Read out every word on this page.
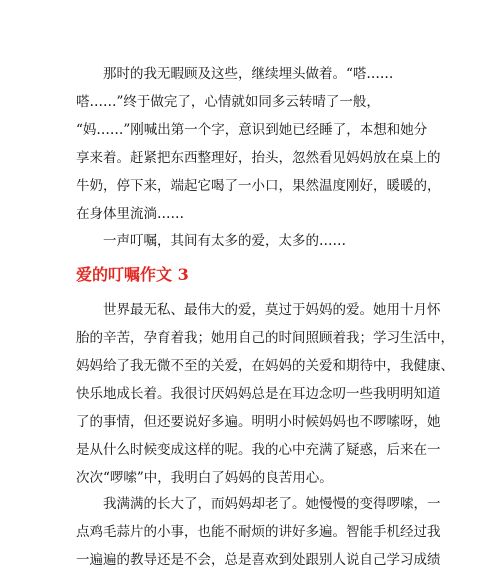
　　那时的我无暇顾及这些，继续埋头做着。“嗒……
嗒……”终于做完了，心情就如同多云转晴了一般，
“妈……”刚喊出第一个字，意识到她已经睡了，本想和她分
享来着。赶紧把东西整理好，抬头，忽然看见妈妈放在桌上的
牛奶，停下来，端起它喝了一小口，果然温度刚好，暖暖的，
在身体里流淌……

　　一声叮嘱，其间有太多的爱，太多的……

爱的叮嘱作文 3

　　世界最无私、最伟大的爱，莫过于妈妈的爱。她用十月怀
胎的辛苦，孕育着我；她用自己的时间照顾着我；学习生活中，
妈妈给了我无微不至的关爱，在妈妈的关爱和期待中，我健康、
快乐地成长着。我很讨厌妈妈总是在耳边念叨一些我明明知道
了的事情，但还要说好多遍。明明小时候妈妈也不啰嗦呀，她
是从什么时候变成这样的呢。我的心中充满了疑惑，后来在一
次次“啰嗦”中，我明白了妈妈的良苦用心。

　　我满满的长大了，而妈妈却老了。她慢慢的变得啰嗦，一
点鸡毛蒜片的小事，也能不耐烦的讲好多遍。智能手机经过我
一遍遍的教导还是不会，总是喜欢到处跟别人说自己学习成绩
